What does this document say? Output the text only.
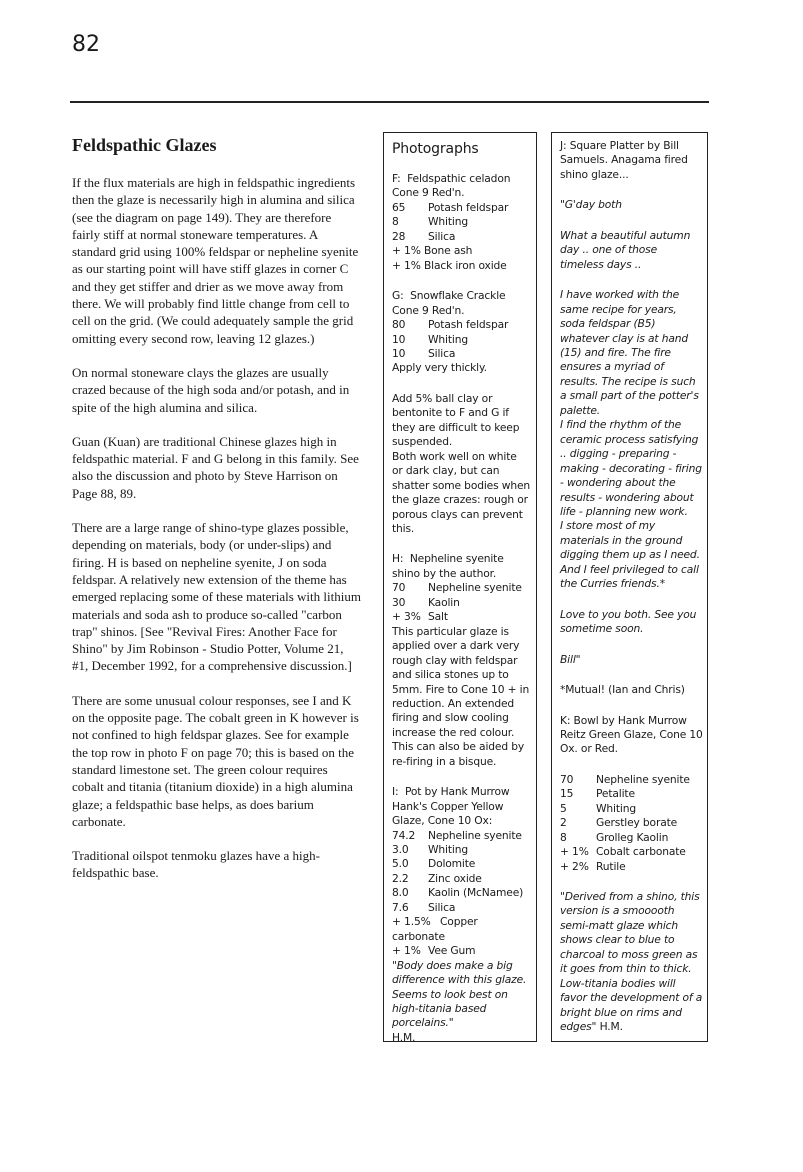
82
Feldspathic Glazes

If the flux materials are high in feldspathic ingredients then the glaze is necessarily high in alumina and silica (see the diagram on page 149). They are therefore fairly stiff at normal stoneware temperatures. A standard grid using 100% feldspar or nepheline syenite as our starting point will have stiff glazes in corner C and they get stiffer and drier as we move away from there. We will probably find little change from cell to cell on the grid. (We could adequately sample the grid omitting every second row, leaving 12 glazes.)

On normal stoneware clays the glazes are usually crazed because of the high soda and/or potash, and in spite of the high alumina and silica.

Guan (Kuan) are traditional Chinese glazes high in feldspathic material. F and G belong in this family. See also the discussion and photo by Steve Harrison on Page 88, 89.

There are a large range of shino-type glazes possible, depending on materials, body (or under-slips) and firing. H is based on nepheline syenite, J on soda feldspar. A relatively new extension of the theme has emerged replacing some of these materials with lithium materials and soda ash to produce so-called "carbon trap" shinos. [See "Revival Fires: Another Face for Shino" by Jim Robinson - Studio Potter, Volume 21, #1, December 1992, for a comprehensive discussion.]

There are some unusual colour responses, see I and K on the opposite page. The cobalt green in K however is not confined to high feldspar glazes. See for example the top row in photo F on page 70; this is based on the standard limestone set. The green colour requires cobalt and titania (titanium dioxide) in a high alumina glaze; a feldspathic base helps, as does barium carbonate.

Traditional oilspot tenmoku glazes have a high-feldspathic base.

Photographs
F:  Feldspathic celadon
Cone 9 Red'n.
65	Potash feldspar
8	Whiting
28	Silica
+ 1% Bone ash
+ 1% Black iron oxide
G:  Snowflake Crackle
Cone 9 Red'n.
80	Potash feldspar
10	Whiting
10	Silica
Apply very thickly.
Add 5% ball clay or bentonite to F and G if they are difficult to keep suspended.
Both work well on white or dark clay, but can shatter some bodies when the glaze crazes: rough or porous clays can prevent this.
H:  Nepheline syenite
shino by the author.
70	Nepheline syenite
30	Kaolin
+ 3% Salt
This particular glaze is applied over a dark very rough clay with feldspar and silica stones up to 5mm. Fire to Cone 10 + in reduction. An extended firing and slow cooling increase the red colour. This can also be aided by re-firing in a bisque.
I:  Pot by Hank Murrow
Hank's Copper Yellow Glaze, Cone 10 Ox:
74.2	Nepheline syenite
3.0	Whiting
5.0	Dolomite
2.2	Zinc oxide
8.0	Kaolin (McNamee)
7.6	Silica
+ 1.5% Copper
carbonate
+ 1% Vee Gum
"Body does make a big difference with this glaze. Seems to look best on high-titania based porcelains."
H.M.
J: Square Platter by Bill Samuels. Anagama fired shino glaze...
"G'day both
What a beautiful autumn day .. one of those timeless days ..
I have worked with the same recipe for years, soda feldspar (B5) whatever clay is at hand (15) and fire. The fire ensures a myriad of results. The recipe is such a small part of the potter's palette.
I find the rhythm of the ceramic process satisfying .. digging - preparing - making - decorating - firing - wondering about the results - wondering about life - planning new work.
I store most of my materials in the ground digging them up as I need. And I feel privileged to call the Curries friends.*
Love to you both. See you sometime soon.
Bill"
*Mutual! (Ian and Chris)
K: Bowl by Hank Murrow
Reitz Green Glaze, Cone 10 Ox. or Red.
70	Nepheline syenite
15	Petalite
5	Whiting
2	Gerstley borate
8	Grolleg Kaolin
+ 1% Cobalt carbonate
+ 2% Rutile
"Derived from a shino, this version is a smooooth semi-matt glaze which shows clear to blue to charcoal to moss green as it goes from thin to thick. Low-titania bodies will favor the development of a bright blue on rims and edges" H.M.
